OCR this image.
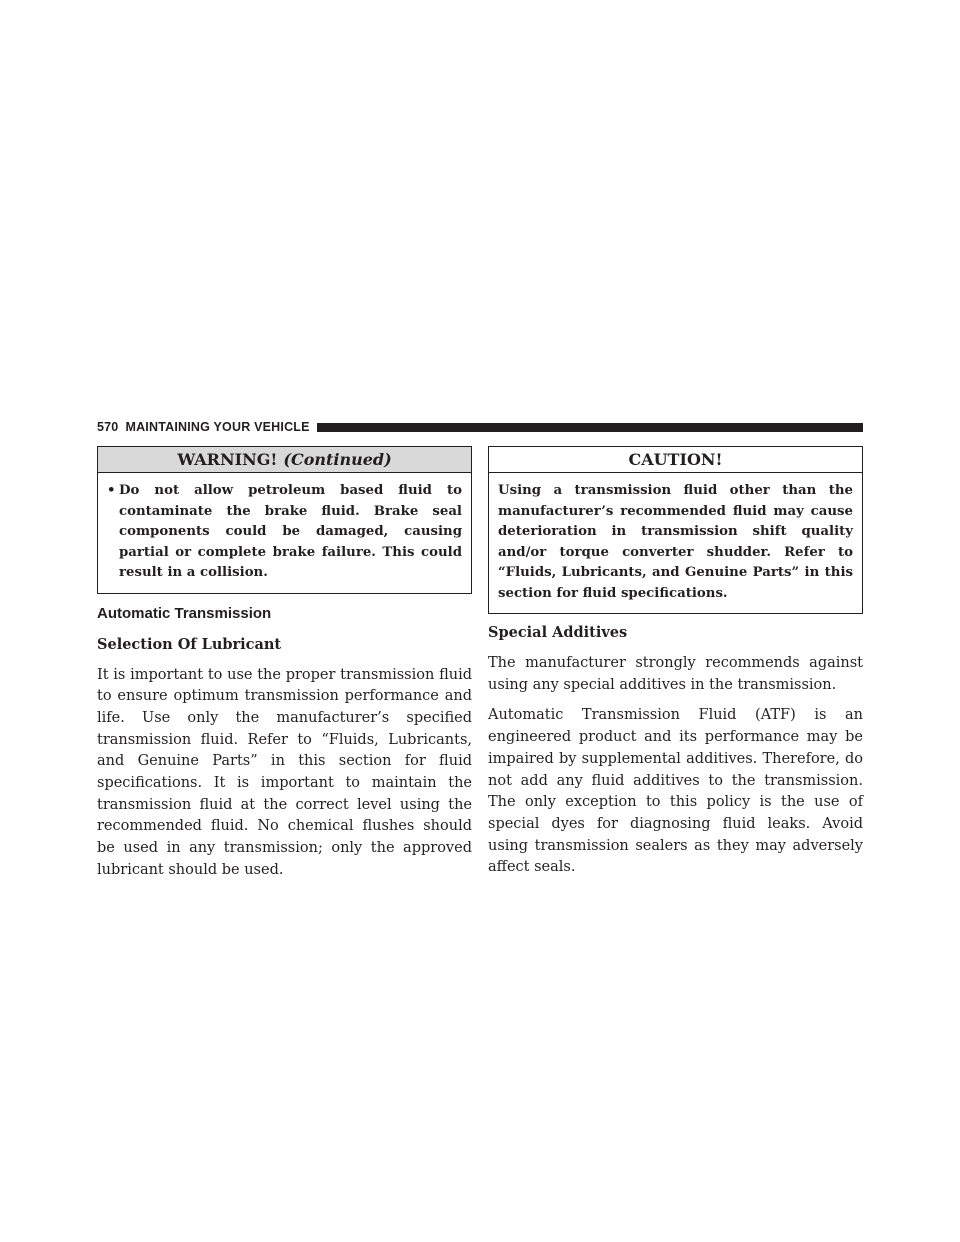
570 MAINTAINING YOUR VEHICLE
WARNING! (Continued)
• Do not allow petroleum based fluid to contaminate the brake fluid. Brake seal components could be damaged, causing partial or complete brake failure. This could result in a collision.
Automatic Transmission
Selection Of Lubricant

It is important to use the proper transmission fluid to ensure optimum transmission performance and life. Use only the manufacturer’s specified transmission fluid. Refer to “Fluids, Lubricants, and Genuine Parts” in this section for fluid specifications. It is important to maintain the transmission fluid at the correct level using the recommended fluid. No chemical flushes should be used in any transmission; only the approved lubricant should be used.

CAUTION!
Using a transmission fluid other than the manufacturer’s recommended fluid may cause deterioration in transmission shift quality and/or torque converter shudder. Refer to “Fluids, Lubricants, and Genuine Parts” in this section for fluid specifications.
Special Additives

The manufacturer strongly recommends against using any special additives in the transmission.

Automatic Transmission Fluid (ATF) is an engineered product and its performance may be impaired by supplemental additives. Therefore, do not add any fluid additives to the transmission. The only exception to this policy is the use of special dyes for diagnosing fluid leaks. Avoid using transmission sealers as they may adversely affect seals.
